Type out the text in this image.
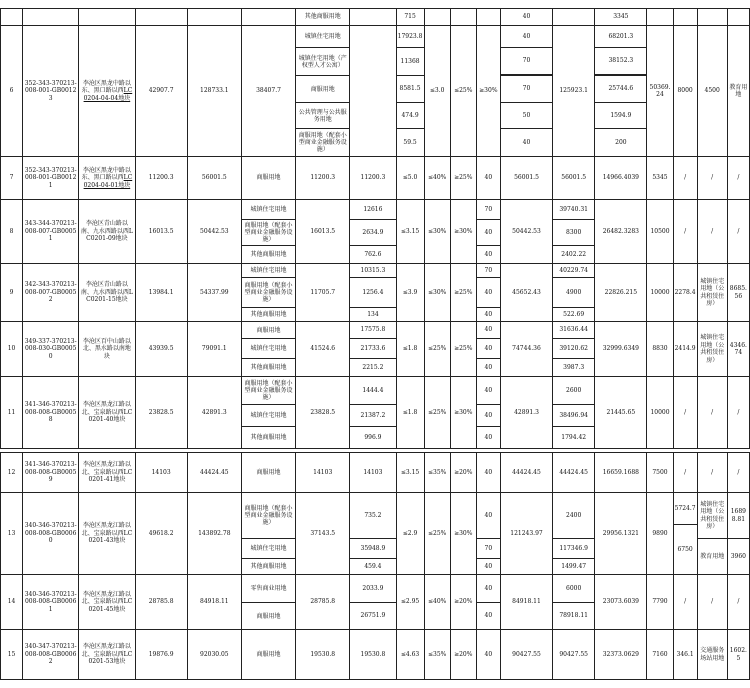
						其他商服用地		715				40		3345				
6	352-343-370213-008-001-GB00123	李沧区黑龙中路以东、黑口路以西LC0204-04-04地块	42907.7	128733.1	38407.7	城镇住宅用地		17923.8	≤3.0	≤25%	≥30%	40	125923.1	68201.3	50369.24	8000	4500	教育用地
						城镇住宅用地（产权型人才公寓）		11368				70		38152.3				

						商服用地		8581.5				70		25744.6				
						公共管理与公共服务用地		474.9				50		1594.9				
						商服用地（配套小型商业金融服务设施）		59.5				40		200				
7	352-343-370213-008-001-GB00121	李沧区黑龙中路以东、黑口路以西LC0204-04-01地块	11200.3	56001.5	商服用地	11200.3	11200.3	≤5.0	≤40%	≥25%	40	56001.5	56001.5	14966.4039	5345	/	/	/
8	343-344-370213-008-007-GB00051	李沧区青山路以南、九水西路以西LC0201-09地块	16013.5	50442.53	城镇住宅用地	16013.5	12616	≤3.15	≤30%	≥30%	70	50442.53	39740.31	26482.3283	10500	/	/	/
					商服用地（配套小型商业金融服务设施）		2634.9				40		8300					
					其他商服用地		762.6				40		2402.22					
9	342-343-370213-008-007-GB00052	李沧区青山路以南、九水西路以西LC0201-15地块	13984.1	54337.99	城镇住宅用地	11705.7	10315.3	≤3.9	≤30%	≥25%	70	45652.43	40229.74	22826.215	10000	2278.4	城镇住宅用地（公共租赁住房）	8685.56
					商服用地（配套小型商业金融服务设施）		1256.4				40		4900					
					其他商服用地		134				40		522.69					
10	349-337-370213-008-030-GB00050	李沧区百中山路以北、黑水路以南地块	43939.5	79091.1	商服用地	41524.6	17575.8	≤1.8	≤25%	≥25%	40	74744.36	31636.44	32999.6349	8830	2414.9	城镇住宅用地（公共租赁住房）	4346.74
					城镇住宅用地		21733.6				40		39120.62					
					其他商服用地		2215.2				40		3987.3					
11	341-346-370213-008-008-GB00058	李沧区黑龙江路以北、宝泉路以西LC0201-40地块	23828.5	42891.3	商服用地（配套小型商业金融服务设施）	23828.5	1444.4	≤1.8	≤25%	≥30%	40	42891.3	2600	21445.65	10000	/	/	/
					城镇住宅用地		21387.2				40		38496.94					
					其他商服用地		996.9				40		1794.42					
12	341-346-370213-008-008-GB00059	李沧区黑龙江路以北、宝泉路以西LC0201-41地块	14103	44424.45	商服用地	14103	14103	≤3.15	≤35%	≥20%	40	44424.45	44424.45	16659.1688	7500	/	/	/
13	340-346-370213-008-008-GB00060	李沧区黑龙江路以北、宝泉路以西LC0201-43地块	49618.2	143892.78	商服用地（配套小型商业金融服务设施）	37143.5	735.2	≤2.9	≤25%	≥30%	40	121243.97	2400	29956.1321	9890	5724.7	城镇住宅用地（公共租赁住房）	16898.81
																6750		
					城镇住宅用地		35948.9				70		117346.9				教育用地	3960
					其他商服用地		459.4				40		1499.47					
14	340-346-370213-008-008-GB00061	李沧区黑龙江路以北、宝泉路以西LC0201-45地块	28785.8	84918.11	零售商业用地	28785.8	2033.9	≤2.95	≤40%	≥20%	40	84918.11	6000	23073.6039	7790	/	/	/
					商服用地		26751.9				40		78918.11					
15	340-347-370213-008-008-GB00062	李沧区黑龙江路以北、宝泉路以西LC0201-53地块	19876.9	92030.05	商服用地	19530.8	19530.8	≤4.63	≤35%	≥20%	40	90427.55	90427.55	32373.0629	7160	346.1	交通服务场站用地	1602.5
